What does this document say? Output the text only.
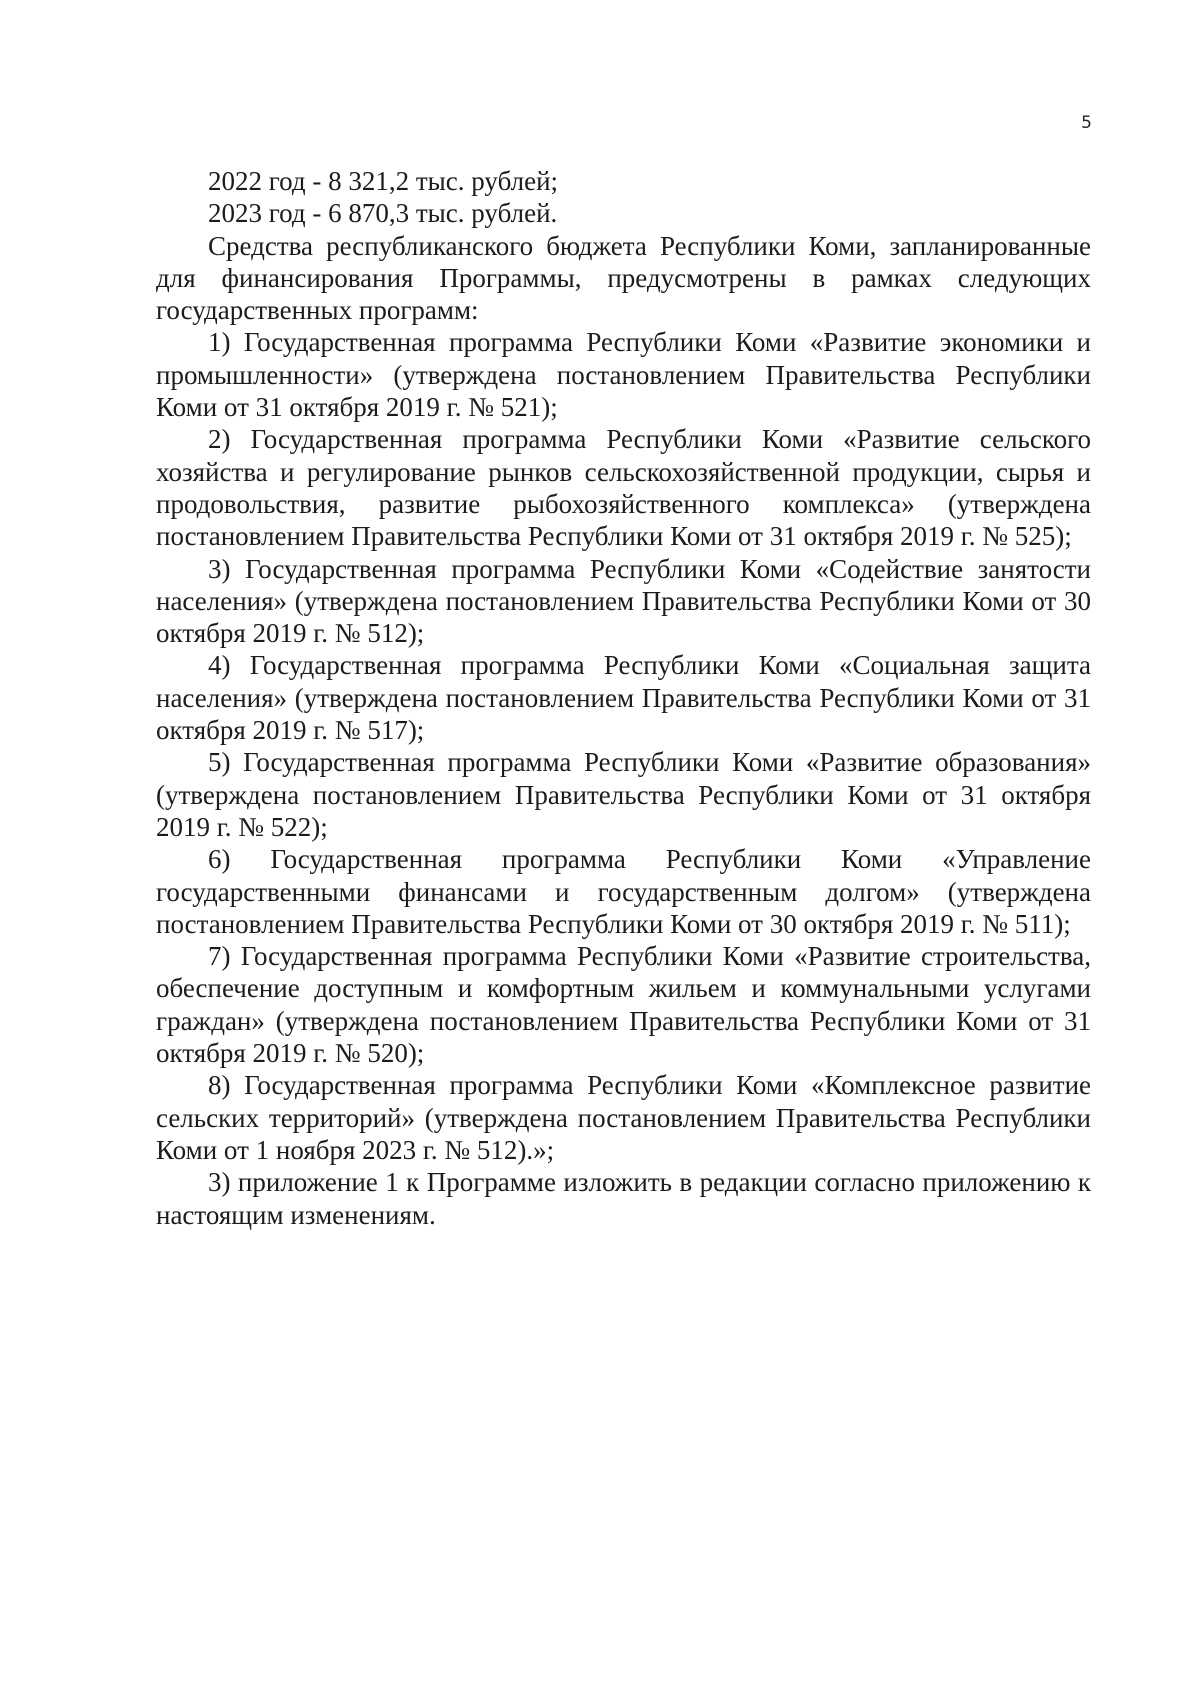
5

2022 год - 8 321,2 тыс. рублей;

2023 год - 6 870,3 тыс. рублей.

Средства республиканского бюджета Республики Коми, запланированные для финансирования Программы, предусмотрены в рамках следующих государственных программ:

1) Государственная программа Республики Коми «Развитие экономики и промышленности» (утверждена постановлением Правительства Республики Коми от 31 октября 2019 г. № 521);

2) Государственная программа Республики Коми «Развитие сельского хозяйства и регулирование рынков сельскохозяйственной продукции, сырья и продовольствия, развитие рыбохозяйственного комплекса» (утверждена постановлением Правительства Республики Коми от 31 октября 2019 г. № 525);

3) Государственная программа Республики Коми «Содействие занятости населения» (утверждена постановлением Правительства Республики Коми от 30 октября 2019 г. № 512);

4) Государственная программа Республики Коми «Социальная защита населения» (утверждена постановлением Правительства Республики Коми от 31 октября 2019 г. № 517);

5) Государственная программа Республики Коми «Развитие образования» (утверждена постановлением Правительства Республики Коми от 31 октября 2019 г. № 522);

6) Государственная программа Республики Коми «Управление государственными финансами и государственным долгом» (утверждена постановлением Правительства Республики Коми от 30 октября 2019 г. № 511);

7) Государственная программа Республики Коми «Развитие строительства, обеспечение доступным и комфортным жильем и коммунальными услугами граждан» (утверждена постановлением Правительства Республики Коми от 31 октября 2019 г. № 520);

8) Государственная программа Республики Коми «Комплексное развитие сельских территорий» (утверждена постановлением Правительства Республики Коми от 1 ноября 2023 г. № 512).»;

3) приложение 1 к Программе изложить в редакции согласно приложению к настоящим изменениям.
